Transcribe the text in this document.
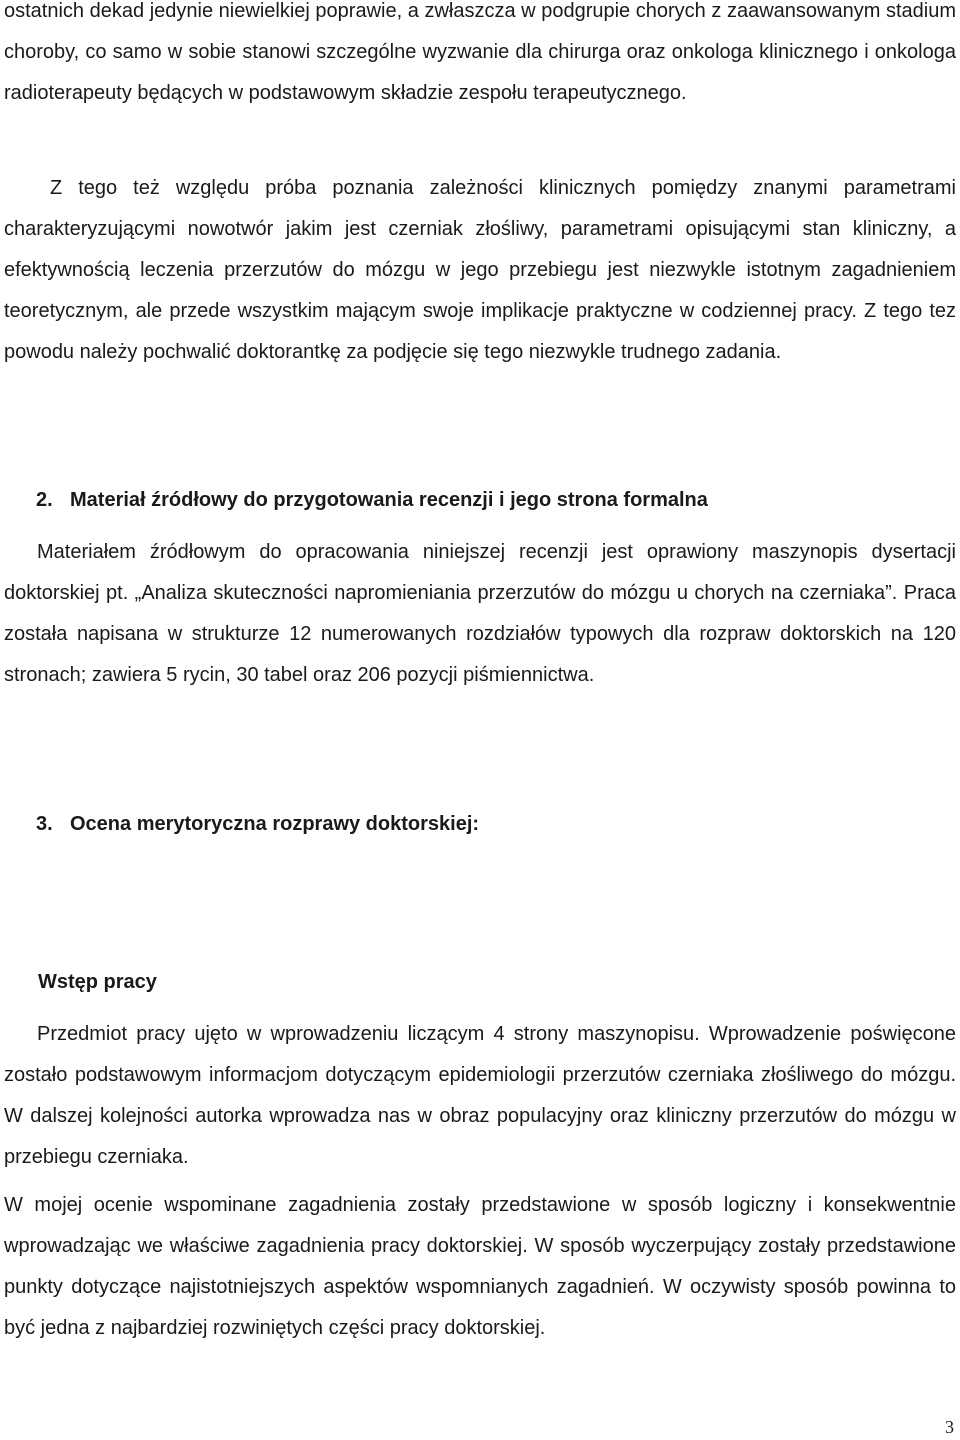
ostatnich dekad jedynie niewielkiej poprawie, a zwłaszcza w podgrupie chorych z zaawansowanym stadium choroby, co samo w sobie stanowi szczególne wyzwanie dla chirurga oraz onkologa klinicznego i onkologa radioterapeuty będących w podstawowym składzie zespołu terapeutycznego.

Z tego też względu próba poznania zależności klinicznych pomiędzy znanymi parametrami charakteryzującymi nowotwór jakim jest czerniak złośliwy, parametrami opisującymi stan kliniczny, a efektywnością leczenia przerzutów do mózgu w jego przebiegu jest niezwykle istotnym zagadnieniem teoretycznym, ale przede wszystkim mającym swoje implikacje praktyczne w codziennej pracy. Z tego tez powodu należy pochwalić doktorantkę za podjęcie się tego niezwykle trudnego zadania.

2. Materiał źródłowy do przygotowania recenzji i jego strona formalna

Materiałem źródłowym do opracowania niniejszej recenzji jest oprawiony maszynopis dysertacji doktorskiej pt. „Analiza skuteczności napromieniania przerzutów do mózgu u chorych na czerniaka”. Praca została napisana w strukturze 12 numerowanych rozdziałów typowych dla rozpraw doktorskich na 120 stronach; zawiera 5 rycin, 30 tabel oraz 206 pozycji piśmiennictwa.

3. Ocena merytoryczna rozprawy doktorskiej:
Wstęp pracy

Przedmiot pracy ujęto w wprowadzeniu liczącym 4 strony maszynopisu. Wprowadzenie poświęcone zostało podstawowym informacjom dotyczącym epidemiologii przerzutów czerniaka złośliwego do mózgu. W dalszej kolejności autorka wprowadza nas w obraz populacyjny oraz kliniczny przerzutów do mózgu w przebiegu czerniaka.

W mojej ocenie wspominane zagadnienia zostały przedstawione w sposób logiczny i konsekwentnie wprowadzając we właściwe zagadnienia pracy doktorskiej. W sposób wyczerpujący zostały przedstawione punkty dotyczące najistotniejszych aspektów wspomnianych zagadnień. W oczywisty sposób powinna to być jedna z najbardziej rozwiniętych części pracy doktorskiej.

3
